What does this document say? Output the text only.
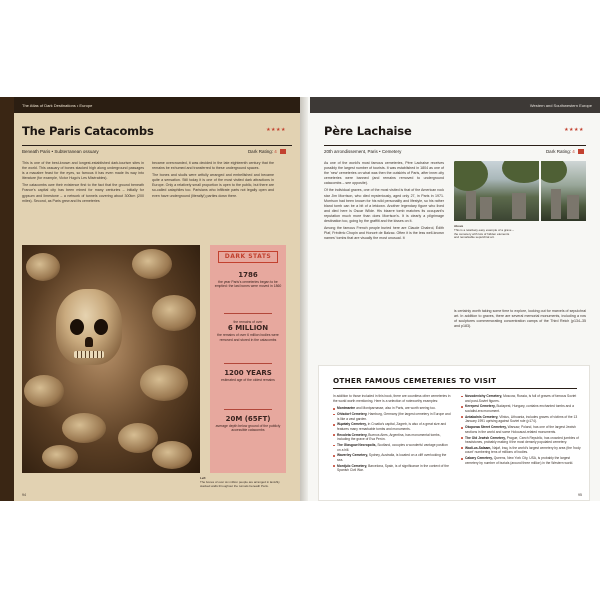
The Atlas of Dark Destinations • Europe
The Paris Catacombs	★★★★
Beneath Paris • Subterranean ossuary	Dark Rating: 4

This is one of the best-known and longest-established dark-tourism sites in the world. This ossuary of bones stacked high along underground passages is a macabre feast for the eyes, so famous it has even made its way into literature (for example, Victor Hugo's Les Misérables).

The catacombs owe their existence first to the fact that the ground beneath France's capital city has been mined for many centuries – initially for gypsum and limestone – a network of tunnels covering about 300km (200 miles). Second, as Paris grew and its cemeteries

became overcrowded, it was decided in the late eighteenth century that the remains be exhumed and transferred to these underground spaces.

The bones and skulls were artfully arranged and embellished and became quite a sensation. Still today it is one of the most visited dark attractions in Europe. Only a relatively small proportion is open to the public, but there are so-called cataphiles too. Parisians who infiltrate parts not legally open and even have underground (literally!) parties down there.

DARK STATS
1786
the year Paris's cemeteries began to be emptied: the last bones were moved in 1860
the remains of over
6 MILLION
the remains of over 6 million bodies were removed and stored in the catacombs
1200 YEARS
estimated age of the oldest remains
20M (65FT)
average depth below ground of the publicly accessible catacombs
Left
The bones of over six million people are arranged in lavishly stacked walls throughout the tunnels beneath Paris.
94
Western and Southwestern Europe
Père Lachaise	★★★★
20th arrondissement, Paris • Cemetery	Dark Rating: 4

As one of the world's most famous cemeteries, Père Lachaise receives possibly the largest number of tourists. It was established in 1804 as one of the 'new' cemeteries on what was then the outskirts of Paris, after inner-city cemeteries were banned (and remains removed to underground catacombs – see opposite).

Of the individual graves, one of the most visited is that of the American rock star Jim Morrison, who died mysteriously, aged only 27, in Paris in 1971. Morrison had been known for his wild personality and lifestyle, so his rather bland tomb can be a bit of a letdown. Another legendary figure who lived and died here is Oscar Wilde. His bizarre tomb matches its occupant's reputation much more than does Morrison's. It is clearly a pilgrimage destination too, going by the graffiti and the kisses on it.

Among the famous French people buried here are Claude Chabrol, Édith Piaf, Frédéric Chopin and Honoré de Balzac. Often it is the less well-known names' tombs that are visually the most unusual. It

Above
This is a relatively easy example of a grave – the cemetery with lots of hidden elements and remarkable sepulchral art.

is certainly worth taking some time to explore, looking out for marvels of sepulchral art. In addition to graves, there are several memorial monuments, including a row of sculptures commemorating concentration camps of the Third Reich (p134–35 and p183).

OTHER FAMOUS CEMETERIES TO VISIT
In addition to those included in this book, there are countless other cemeteries in the world worth mentioning. Here is a selection of noteworthy examples:
Montmartre and Montparnasse, also in Paris, are worth seeing too.
Ohlsdorf Cemetery, Hamburg, Germany (the largest cemetery in Europe and is like a vast garden.
Wąwiaty Cemetery, in Croatia's capital, Zagreb, is also of a great size and features many remarkable tombs and monuments.
Recoleta Cemetery, Buenos Aires, Argentina, has monumental tombs, including the grave of Eva Perón.
The Glasgow Necropolis, Scotland, occupies a wonderful vantage position on a hill.
Waverley Cemetery, Sydney, Australia, is located on a cliff overlooking the sea.
Montjuïc Cemetery, Barcelona, Spain, is of significance in the context of the Spanish Civil War.
Novodevichy Cemetery, Moscow, Russia, is full of graves of famous Soviet and post-Soviet figures.
Kerepesi Cemetery, Budapest, Hungary, contains enchanted tombs and a socialist-era monument.
Antakalnis Cemetery, Vilnius, Lithuania, includes graves of victims of the 13 January 1991 uprising against Soviet rule (p174).
Okopowa Street Cemetery, Warsaw, Poland, has one of the largest Jewish sections in the world and some Holocaust-related monuments.
The Old Jewish Cemetery, Prague, Czech Republic, has crowded jumbles of headstones, probably making it the most densely populated cemetery.
Wadi-us-Salaam, Najaf, Iraq, is the world's largest cemetery by area (the 'body count' numbering tens of millions of bodies.
Cabary Cemetery, Queens, New York City, USA, is probably the largest cemetery by number of burials (around three million) in the Western world.
95
